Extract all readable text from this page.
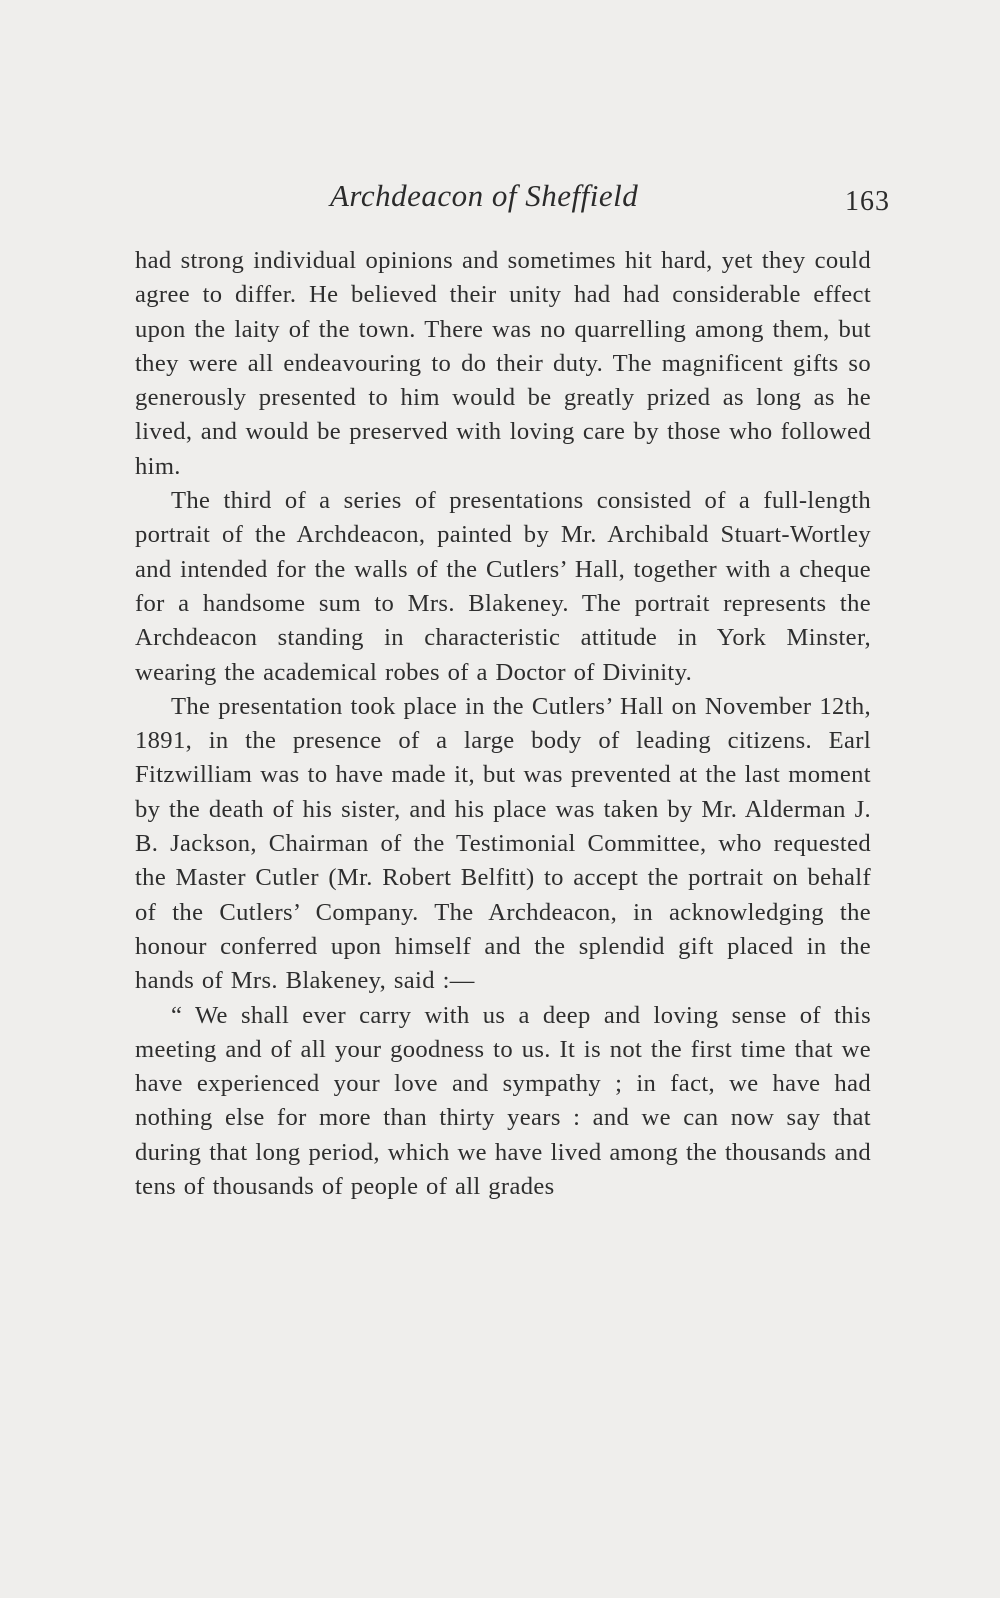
Archdeacon of Sheffield	163

had strong individual opinions and sometimes hit hard, yet they could agree to differ. He believed their unity had had considerable effect upon the laity of the town. There was no quarrelling among them, but they were all endeavouring to do their duty. The magnificent gifts so generously presented to him would be greatly prized as long as he lived, and would be preserved with loving care by those who followed him.

The third of a series of presentations consisted of a full-length portrait of the Archdeacon, painted by Mr. Archibald Stuart-Wortley and intended for the walls of the Cutlers’ Hall, together with a cheque for a handsome sum to Mrs. Blakeney. The portrait represents the Archdeacon standing in characteristic attitude in York Minster, wearing the academical robes of a Doctor of Divinity.

The presentation took place in the Cutlers’ Hall on November 12th, 1891, in the presence of a large body of leading citizens. Earl Fitzwilliam was to have made it, but was prevented at the last moment by the death of his sister, and his place was taken by Mr. Alderman J. B. Jackson, Chairman of the Testimonial Committee, who requested the Master Cutler (Mr. Robert Belfitt) to accept the portrait on behalf of the Cutlers’ Company. The Archdeacon, in acknowledging the honour conferred upon himself and the splendid gift placed in the hands of Mrs. Blakeney, said :—

“ We shall ever carry with us a deep and loving sense of this meeting and of all your goodness to us. It is not the first time that we have experienced your love and sympathy ; in fact, we have had nothing else for more than thirty years : and we can now say that during that long period, which we have lived among the thousands and tens of thousands of people of all grades
